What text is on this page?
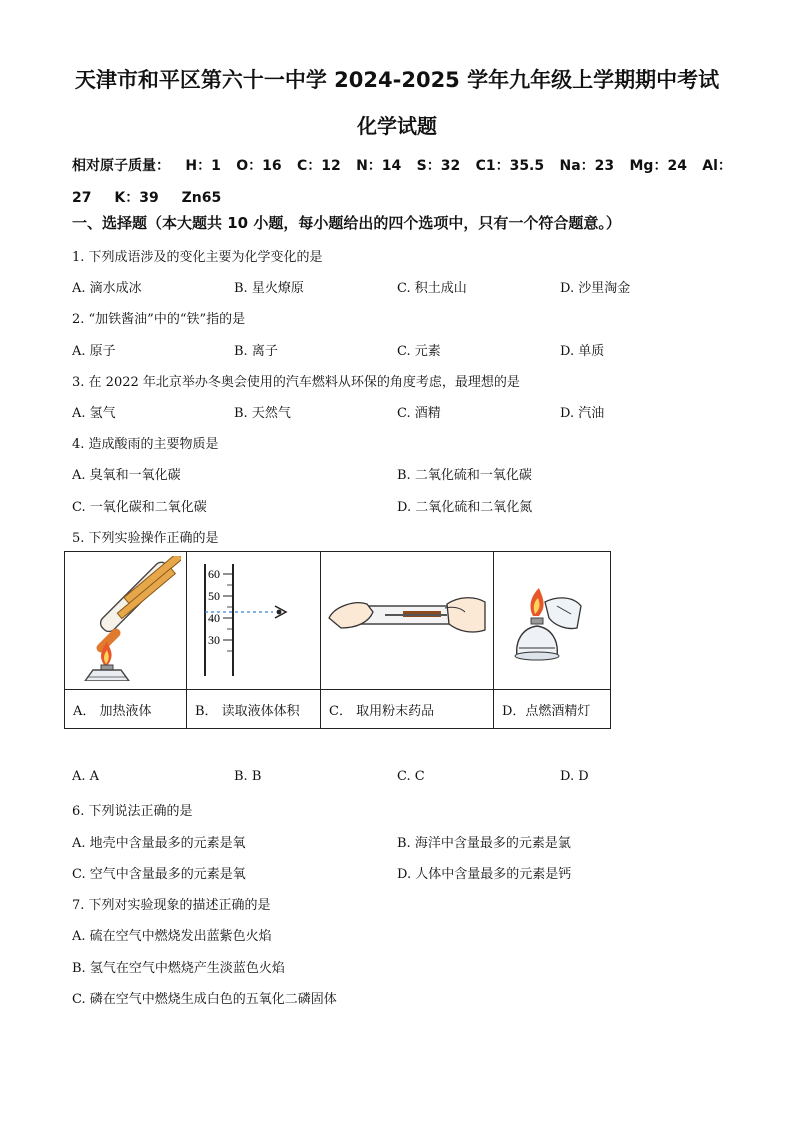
天津市和平区第六十一中学 2024-2025 学年九年级上学期期中考试
化学试题
相对原子质量： H：1 O：16 C：12 N：14 S：32 C1：35.5 Na：23 Mg：24 Al：
27 K：39 Zn65
一、选择题（本大题共 10 小题，每小题给出的四个选项中，只有一个符合题意。）
1. 下列成语涉及的变化主要为化学变化的是
A. 滴水成冰	B. 星火燎原	C. 积土成山	D. 沙里淘金
2. “加铁酱油”中的“铁”指的是
A. 原子	B. 离子	C. 元素	D. 单质
3. 在 2022 年北京举办冬奥会使用的汽车燃料从环保的角度考虑，最理想的是
A. 氢气	B. 天然气	C. 酒精	D. 汽油
4. 造成酸雨的主要物质是
A. 臭氧和一氧化碳	B. 二氧化硫和一氧化碳
C. 一氧化碳和二氧化碳	D. 二氧化硫和二氧化氮
5. 下列实验操作正确的是

60
50
40
30

A． 加热液体	B． 读取液体体积	C． 取用粉末药品	D．点燃酒精灯
A. A	B. B	C. C	D. D
6. 下列说法正确的是
A. 地壳中含量最多的元素是氧	B. 海洋中含量最多的元素是氯
C. 空气中含量最多的元素是氧	D. 人体中含量最多的元素是钙
7. 下列对实验现象的描述正确的是
A. 硫在空气中燃烧发出蓝紫色火焰
B. 氢气在空气中燃烧产生淡蓝色火焰
C. 磷在空气中燃烧生成白色的五氧化二磷固体
